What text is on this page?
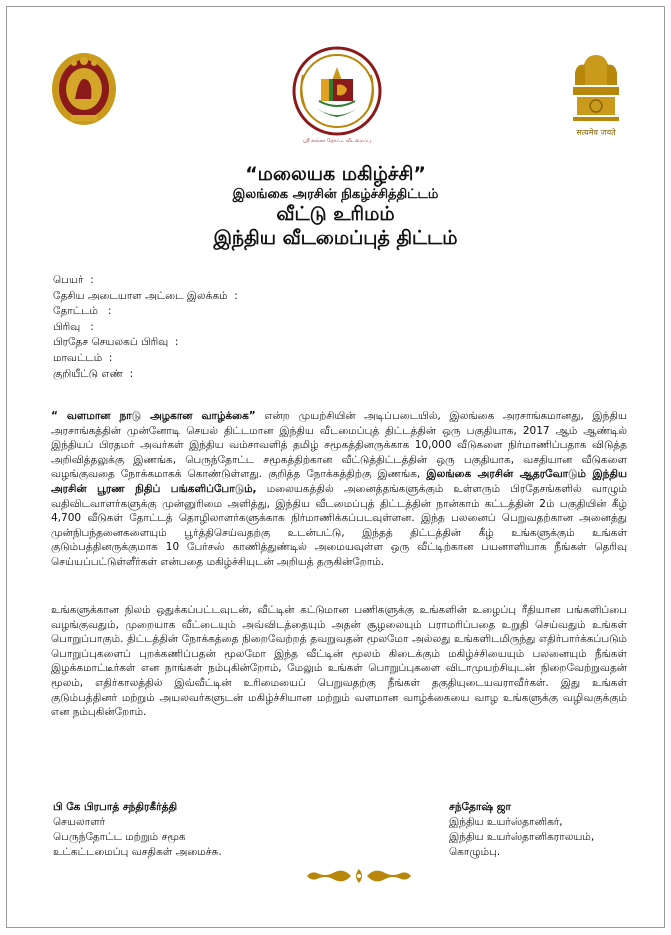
ஸ்ரீ லங்கா தோட்ட வீடமைப்பு
सत्यमेव जयते
“மலையக மகிழ்ச்சி”
இலங்கை அரசின் நிகழ்ச்சித்திட்டம்
வீட்டு உரிமம்
இந்திய வீடமைப்புத் திட்டம்
பெயர்  :
தேசிய அடையாள அட்டை இலக்கம்  :
தோட்டம்   :
பிரிவு   :
பிரதேச செயலகப் பிரிவு  :
மாவட்டம்  :
குறியீட்டு எண்  :
“ வளமான நாடு அழகான வாழ்க்கை” என்ற முயற்சியின் அடிப்படையில், இலங்கை அரசாங்கமானது, இந்திய அரசாங்கத்தின் முன்னோடி செயல் திட்டமான இந்திய வீடமைப்புத் திட்டத்தின் ஒரு பகுதியாக, 2017 ஆம் ஆண்டில் இந்தியப் பிரதமர் அவர்கள் இந்திய வம்சாவளித் தமிழ் சமூகத்தினருக்காக 10,000 வீடுகளை நிர்மாணிப்பதாக விடுத்த அறிவித்தலுக்கு இணங்க, பெருந்தோட்ட சமூகத்திற்கான வீட்டுத்திட்டத்தின் ஒரு பகுதியாக, வசதியான வீடுகளை வழங்குவதை நோக்கமாகக் கொண்டுள்ளது. குறித்த நோக்கத்திற்கு இணங்க, இலங்கை அரசின் ஆதரவோடும் இந்திய அரசின் பூரண நிதிப் பங்களிப்போடும், மலையகத்தில் அனைத்தங்களுக்கும் உள்ளரும் பிரதேசங்களில் வாழும் வதிவிடவாளர்களுக்கு முன்னுரிமை அளித்து, இந்திய வீடமைப்புத் திட்டத்தின் நான்காம் கட்டத்தின் 2ம் பகுதியின் கீழ் 4,700 வீடுகள் தோட்டத் தொழிலாளர்களுக்காக நிர்மாணிக்கப்படவுள்ளன. இந்த பலனைப் பெறுவதற்கான அனைத்து முன்நிபந்தனைகளையும் பூர்த்திசெய்வதற்கு உடன்பட்டு, இந்தத் திட்டத்தின் கீழ் உங்களுக்கும் உங்கள் குடும்பத்தினருக்குமாக 10 பேர்சஸ் காணித்துண்டில் அமையவுள்ள ஒரு வீட்டிற்கான பயனாளியாக நீங்கள் தெரிவு செய்யப்பட்டுள்ளீர்கள் என்பதை மகிழ்ச்சியுடன் அறியத் தருகின்றோம்.
உங்களுக்கான நிலம் ஒதுக்கப்பட்டவுடன், வீட்டின் கட்டுமான பணிகளுக்கு உங்களின் உழைப்பு ரீதியான பங்களிப்பை வழங்குவதும், முறையாக வீட்டையும் அவ்விடத்தையும் அதன் சூழலையும் பராமரிப்பதை உறுதி செய்வதும் உங்கள் பொறுப்பாகும். திட்டத்தின் நோக்கத்தை நிறைவேற்றத் தவறுவதன் மூலமோ அல்லது உங்களிடமிருந்து எதிர்பார்க்கப்படும் பொறுப்புகளைப் புறக்கணிப்பதன் மூலமோ இந்த வீட்டின் மூலம் கிடைக்கும் மகிழ்ச்சியையும் பலனையும் நீங்கள் இழக்கமாட்டீர்கள் என நாங்கள் நம்புகின்றோம், மேலும் உங்கள் பொறுப்புகளை விடாமுயற்சியுடன் நிறைவேற்றுவதன் மூலம், எதிர்காலத்தில் இவ்வீட்டின் உரிமையைப் பெறுவதற்கு நீங்கள் தகுதியுடையவராவீர்கள். இது உங்கள் குடும்பத்தினர் மற்றும் அயலவர்களுடன் மகிழ்ச்சியான மற்றும் வளமான வாழ்க்கையை வாழ உங்களுக்கு வழிவகுக்கும் என நம்புகின்றோம்.
பி கே பிரபாத் சந்திரகீர்த்தி
செயலாளர்
பெருந்தோட்ட மற்றும் சமூக
உட்கட்டமைப்பு வசதிகள் அமைச்சு.
சந்தோஷ் ஜா
இந்திய உயர்ஸ்தானிகர்,
இந்திய உயர்ஸ்தானிகராலயம்,
கொழும்பு.
